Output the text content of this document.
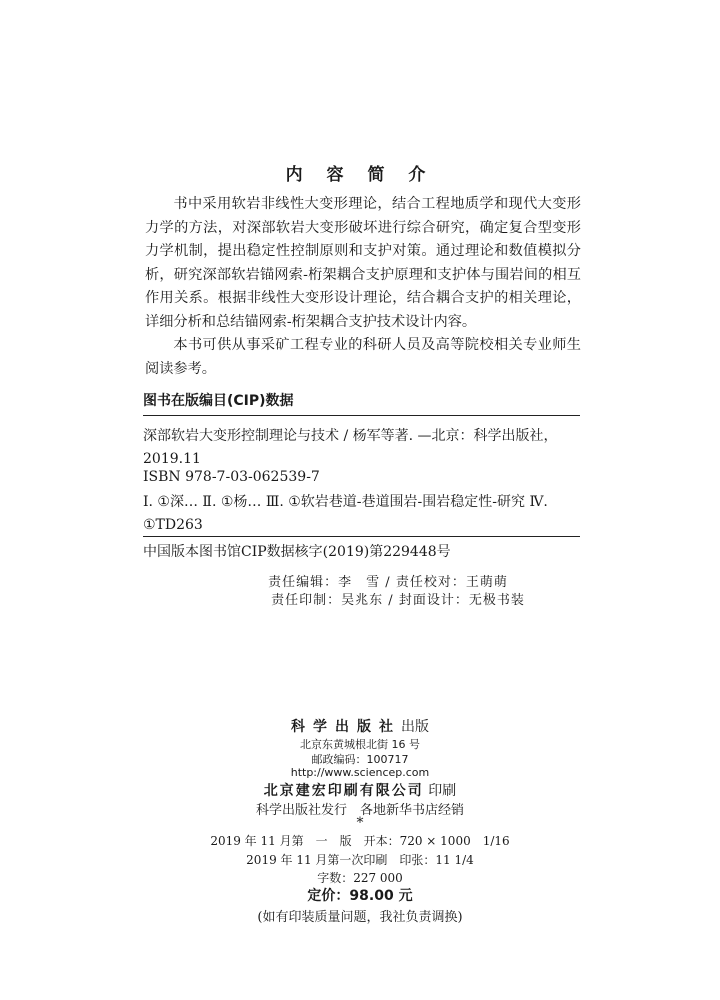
内 容 简 介

书中采用软岩非线性大变形理论，结合工程地质学和现代大变形力学的方法，对深部软岩大变形破坏进行综合研究，确定复合型变形力学机制，提出稳定性控制原则和支护对策。通过理论和数值模拟分析，研究深部软岩锚网索-桁架耦合支护原理和支护体与围岩间的相互作用关系。根据非线性大变形设计理论，结合耦合支护的相关理论，详细分析和总结锚网索-桁架耦合支护技术设计内容。

本书可供从事采矿工程专业的科研人员及高等院校相关专业师生阅读参考。

图书在版编目(CIP)数据
深部软岩大变形控制理论与技术 / 杨军等著. —北京：科学出版社，2019.11
ISBN 978-7-03-062539-7
Ⅰ. ①深… Ⅱ. ①杨… Ⅲ. ①软岩巷道-巷道围岩-围岩稳定性-研究 Ⅳ. ①TD263
中国版本图书馆CIP数据核字(2019)第229448号
责任编辑：李　雪 / 责任校对：王萌萌
责任印制：吴兆东 / 封面设计：无极书装
科学出版社出版
北京东黄城根北街 16 号
邮政编码：100717
http://www.sciencep.com
北京建宏印刷有限公司 印刷
科学出版社发行　各地新华书店经销
*
2019 年 11 月第　一　版　开本：720 × 1000　1/16
2019 年 11 月第一次印刷　印张：11 1/4
字数：227 000
定价：98.00 元
(如有印装质量问题，我社负责调换)
